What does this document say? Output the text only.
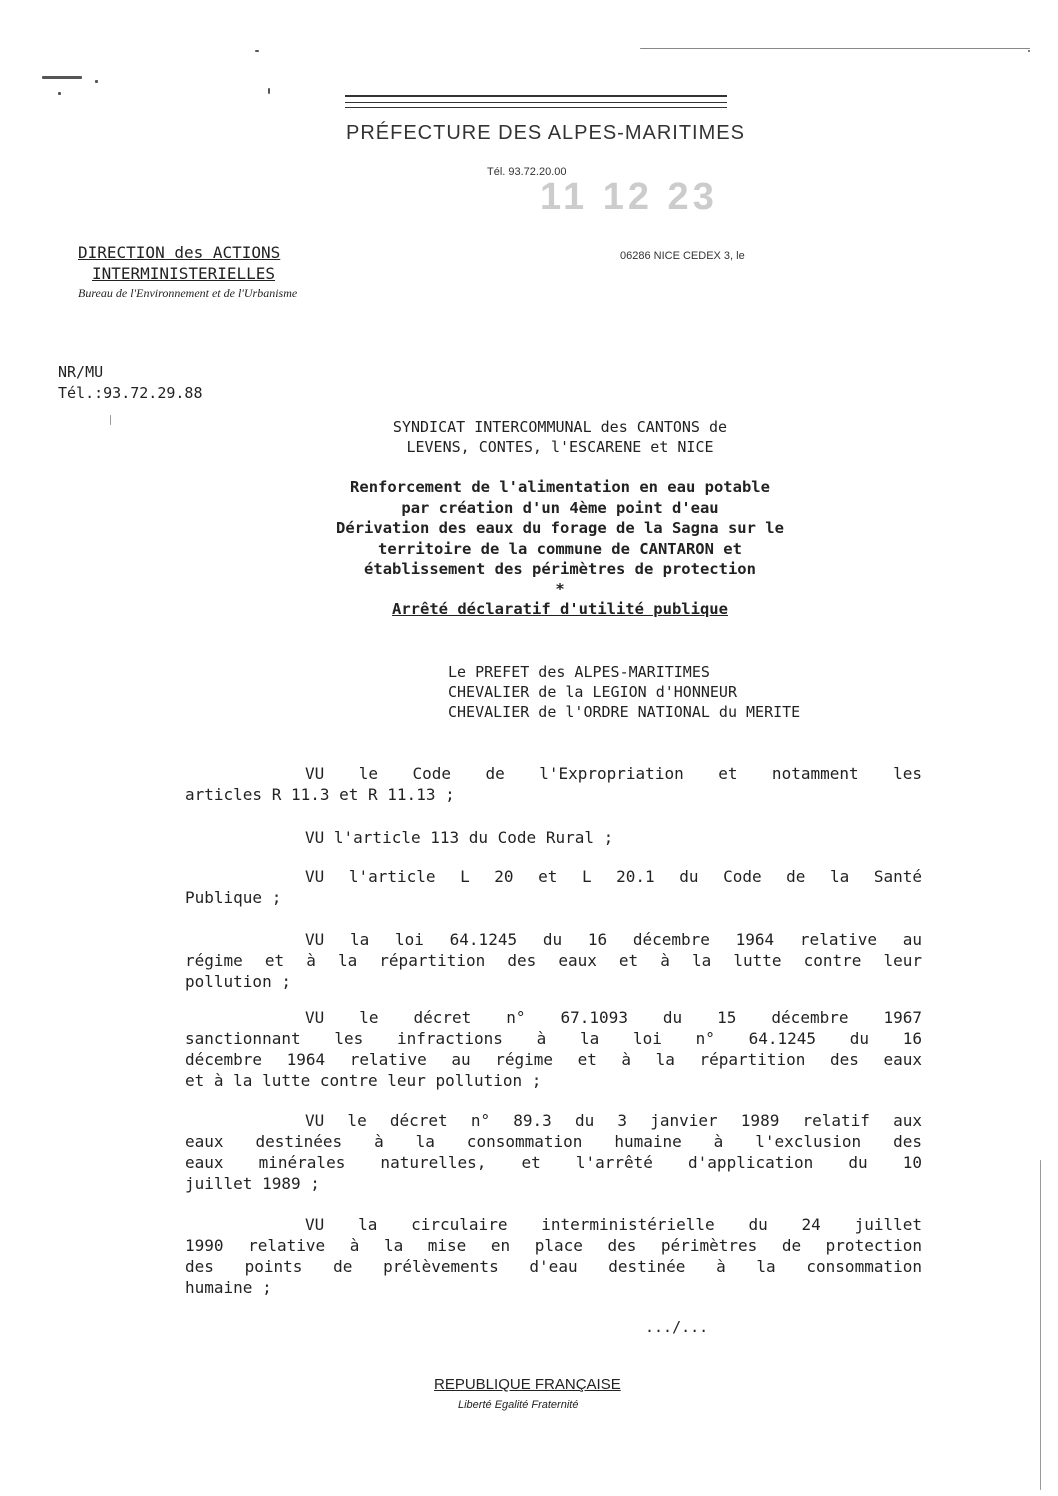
11 12 23
PRÉFECTURE DES ALPES-MARITIMES
Tél. 93.72.20.00
06286 NICE CEDEX 3, le
DIRECTION des ACTIONS
INTERMINISTERIELLES
Bureau de l'Environnement et de l'Urbanisme
NR/MU
Tél.:93.72.29.88
SYNDICAT INTERCOMMUNAL des CANTONS de
LEVENS, CONTES, l'ESCARENE et NICE
Renforcement de l'alimentation en eau potable
par création d'un 4ème point d'eau
Dérivation des eaux du forage de la Sagna sur le
territoire de la commune de CANTARON et
établissement des périmètres de protection
*
Arrêté déclaratif d'utilité publique
Le PREFET des ALPES-MARITIMES
CHEVALIER de la LEGION d'HONNEUR
CHEVALIER de l'ORDRE NATIONAL du MERITE
VU le Code de l'Expropriation et notamment les
articles R 11.3 et R 11.13 ;
VU l'article 113 du Code Rural ;
VU l'article L 20 et L 20.1 du Code de la Santé
Publique ;
VU la loi 64.1245 du 16 décembre 1964 relative au
régime et à la répartition des eaux et à la lutte contre leur
pollution ;
VU le décret n° 67.1093 du 15 décembre 1967
sanctionnant les infractions à la loi n° 64.1245 du 16
décembre 1964 relative au régime et à la répartition des eaux
et à la lutte contre leur pollution ;
VU le décret n° 89.3 du 3 janvier 1989 relatif aux
eaux destinées à la consommation humaine à l'exclusion des
eaux minérales naturelles, et l'arrêté d'application du 10
juillet 1989 ;
VU la circulaire interministérielle du 24 juillet
1990 relative à la mise en place des périmètres de protection
des points de prélèvements d'eau destinée à la consommation
humaine ;
.../...
REPUBLIQUE FRANÇAISE
Liberté Egalité Fraternité
